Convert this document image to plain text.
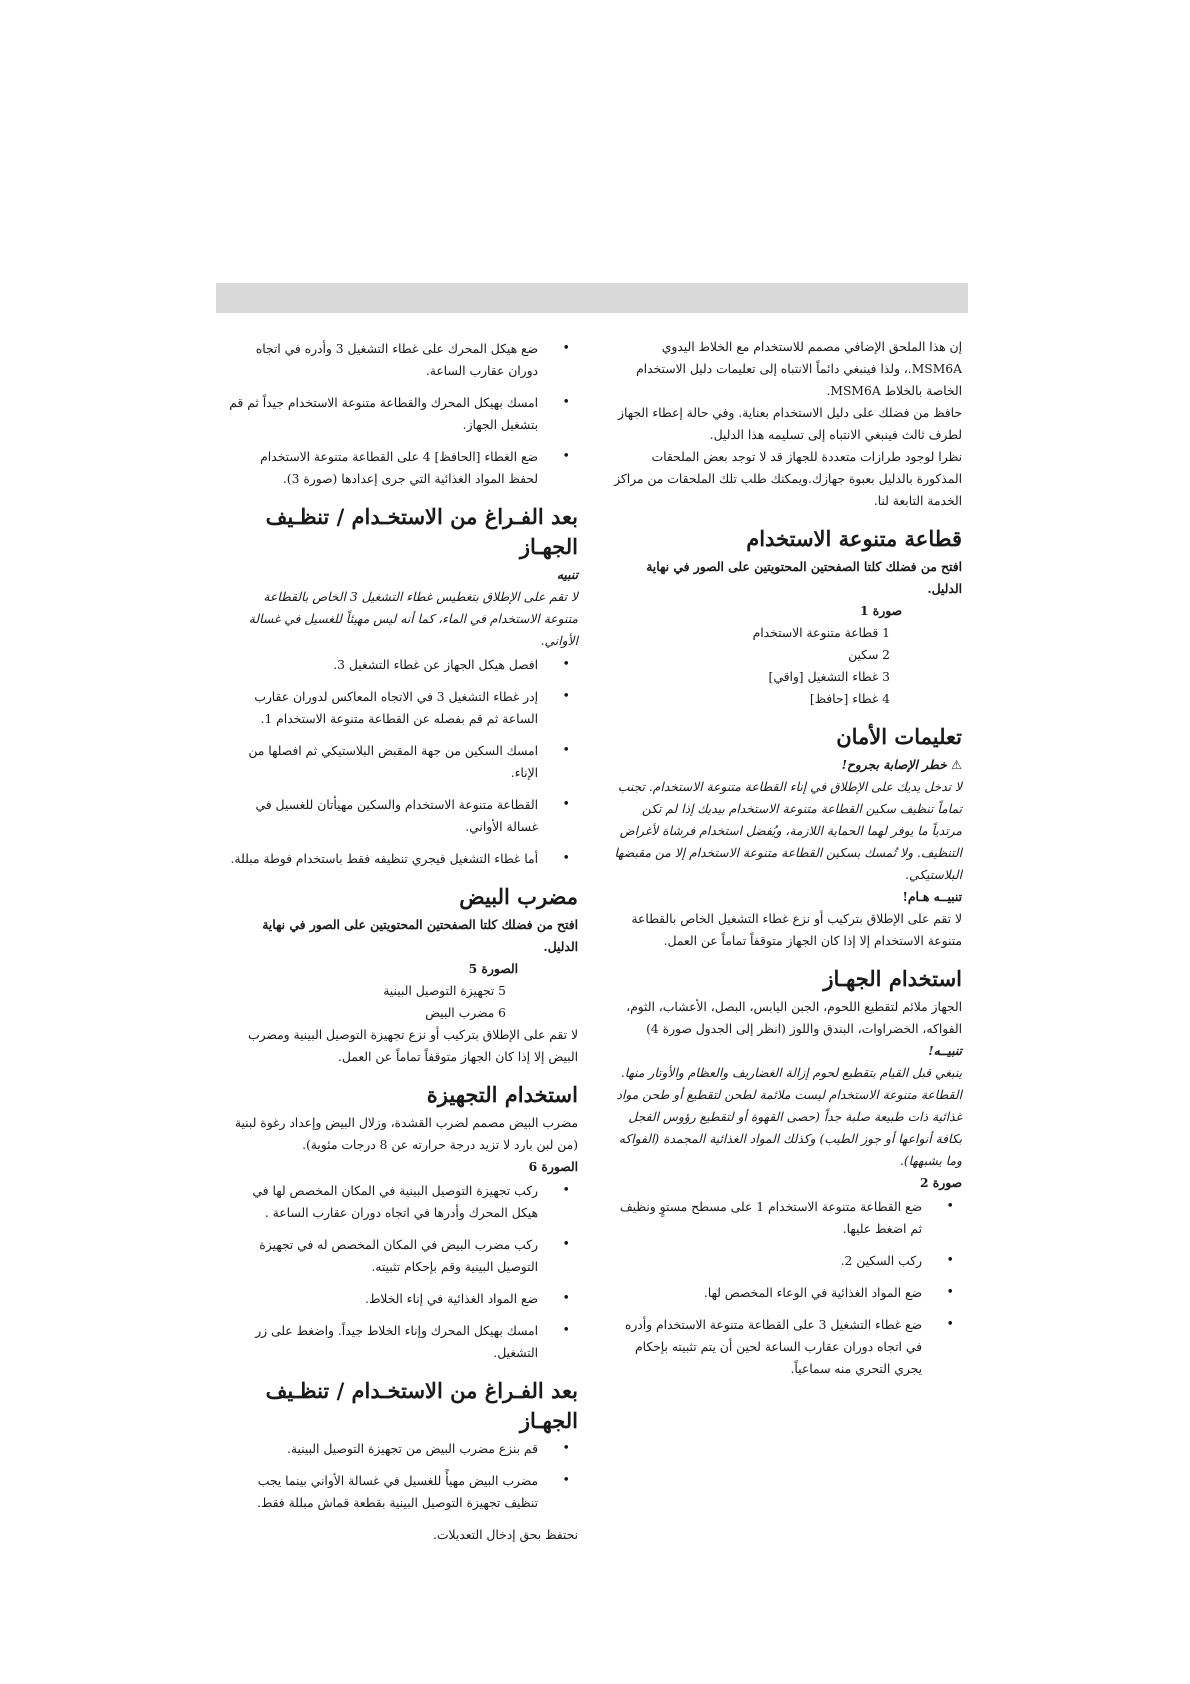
إن هذا الملحق الإضافي مصمم للاستخدام مع الخلاط اليدوي MSM6A.، ولذا فينبغي دائماً الانتباه إلى تعليمات دليل الاستخدام الخاصة بالخلاط MSM6A.

حافظ من فضلك على دليل الاستخدام بعناية. وفي حالة إعطاء الجهاز لطرف ثالث فينبغي الانتباه إلى تسليمه هذا الدليل.

نظرا لوجود طرازات متعددة للجهاز قد لا توجد بعض الملحقات المذكورة بالدليل بعبوة جهازك.ويمكنك طلب تلك الملحقات من مراكز الخدمة التابعة لنا.

قطاعة متنوعة الاستخدام

افتح من فضلك كلتا الصفحتين المحتويتين على الصور في نهاية الدليل.

صورة 1

1 قطاعة متنوعة الاستخدام

2 سكين

3 غطاء التشغيل [واقي]

4 غطاء [حافظ]

تعليمات الأمان

⚠ خطر الإصابة بجروح!

لا تدخل يديك على الإطلاق في إناء القطاعة متنوعة الاستخدام. تجنب تماماً تنظيف سكين القطاعة متنوعة الاستخدام بيديك إذا لم تكن مرتدياً ما يوفر لهما الحماية اللازمة، ويُفضل استخدام فرشاة لأغراض التنظيف. ولا تُمسك بسكين القطاعة متنوعة الاستخدام إلا من مقبضها البلاستيكي.

تنبيــه هـام!

لا تقم على الإطلاق بتركيب أو نزع غطاء التشغيل الخاص بالقطاعة متنوعة الاستخدام إلا إذا كان الجهاز متوقفاً تماماً عن العمل.

استخدام الجهـاز

الجهاز ملائم لتقطيع اللحوم، الجبن اليابس، البصل، الأعشاب، الثوم، الفواكه، الخضراوات، البندق واللوز (انظر إلى الجدول صورة 4)

تنبيــه!

ينبغي قبل القيام بتقطيع لحوم إزالة الغضاريف والعظام والأوتار منها. القطاعة متنوعة الاستخدام ليست ملائمة لطحن لتقطيع أو طحن مواد غذائية ذات طبيعة صلبة جداً (حصى القهوة أو لتقطيع رؤوس الفجل بكافة أنواعها أو جوز الطيب) وكذلك المواد الغذائية المجمدة (الفواكه وما يشبهها).

صورة 2

• ضع القطاعة متنوعة الاستخدام 1 على مسطح مستوٍ ونظيف ثم اضغط عليها.
• ركب السكين 2.
• ضع المواد الغذائية في الوعاء المخصص لها.
• ضع غطاء التشغيل 3 على القطاعة متنوعة الاستخدام وأدره في اتجاه دوران عقارب الساعة لحين أن يتم تثبيته بإحكام يجري التحري منه سماعياً.
• ضع هيكل المحرك على غطاء التشغيل 3 وأدره في اتجاه دوران عقارب الساعة.
• امسك بهيكل المحرك والقطاعة متنوعة الاستخدام جيداً ثم قم بتشغيل الجهاز.
• ضع الغطاء [الحافظ] 4 على القطاعة متنوعة الاستخدام لحفظ المواد الغذائية التي جرى إعدادها (صورة 3).
بعد الفـراغ من الاستخـدام / تنظـيف الجهـاز

تنبيه

لا تقم على الإطلاق بتغطيس غطاء التشغيل 3 الخاص بالقطاعة متنوعة الاستخدام في الماء، كما أنه ليس مهيئاً للغسيل في غسالة الأواني.

• افصل هيكل الجهاز عن غطاء التشغيل 3.
• إدر غطاء التشغيل 3 في الاتجاه المعاكس لدوران عقارب الساعة ثم قم بفصله عن القطاعة متنوعة الاستخدام 1.
• امسك السكين من جهة المقبض البلاستيكي ثم افصلها من الإناء.
• القطاعة متنوعة الاستخدام والسكين مهيأتان للغسيل في غسالة الأواني.
• أما غطاء التشغيل فيجري تنظيفه فقط باستخدام فوطة مبللة.
مضرب البيض

افتح من فضلك كلتا الصفحتين المحتويتين على الصور في نهاية الدليل.

الصورة 5

5 تجهيزة التوصيل البينية

6 مضرب البيض

لا تقم على الإطلاق بتركيب أو نزع تجهيزة التوصيل البينية ومضرب البيض إلا إذا كان الجهاز متوقفاً تماماً عن العمل.

استخدام التجهيزة

مضرب البيض مصمم لضرب القشدة، وزلال البيض وإعداد رغوة لبنية (من لبن بارد لا تزيد درجة حرارته عن 8 درجات مئوية).

الصورة 6

• ركب تجهيزة التوصيل البينية في المكان المخصص لها في هيكل المحرك وأدرها في اتجاه دوران عقارب الساعة .
• ركب مضرب البيض في المكان المخصص له في تجهيزة التوصيل البينية وقم بإحكام تثبيته.
• ضع المواد الغذائية في إناء الخلاط.
• امسك بهيكل المحرك وإناء الخلاط جيداً. واضغط على زر التشغيل.
بعد الفـراغ من الاستخـدام / تنظـيف الجهـاز
• قم بنزع مضرب البيض من تجهيزة التوصيل البينية.
• مضرب البيض مهيأً للغسيل في غسالة الأواني بينما يجب تنظيف تجهيزة التوصيل البينية بقطعة قماش مبللة فقط.

نحتفظ بحق إدخال التعديلات.
